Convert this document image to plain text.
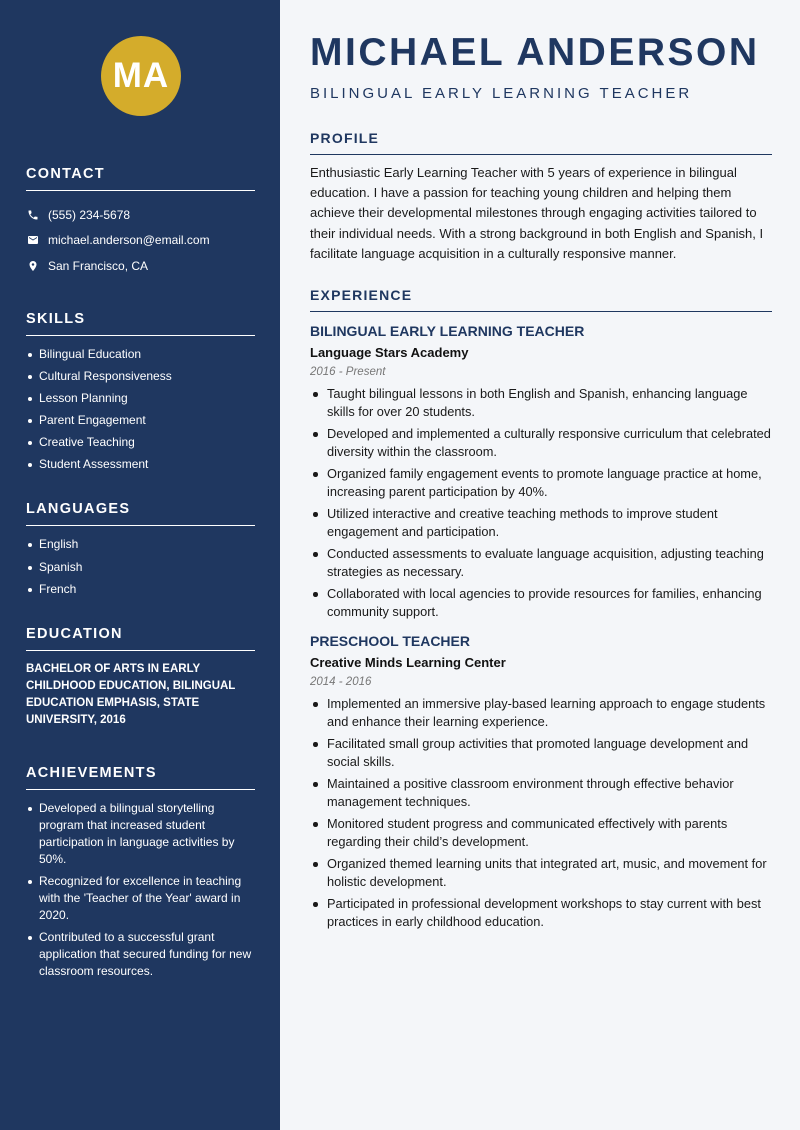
MA
CONTACT
(555) 234-5678
michael.anderson@email.com
San Francisco, CA
SKILLS
Bilingual Education
Cultural Responsiveness
Lesson Planning
Parent Engagement
Creative Teaching
Student Assessment
LANGUAGES
English
Spanish
French
EDUCATION

BACHELOR OF ARTS IN EARLY CHILDHOOD EDUCATION, BILINGUAL EDUCATION EMPHASIS, STATE UNIVERSITY, 2016

ACHIEVEMENTS
Developed a bilingual storytelling program that increased student participation in language activities by 50%.
Recognized for excellence in teaching with the 'Teacher of the Year' award in 2020.
Contributed to a successful grant application that secured funding for new classroom resources.
MICHAEL ANDERSON
BILINGUAL EARLY LEARNING TEACHER
PROFILE

Enthusiastic Early Learning Teacher with 5 years of experience in bilingual education. I have a passion for teaching young children and helping them achieve their developmental milestones through engaging activities tailored to their individual needs. With a strong background in both English and Spanish, I facilitate language acquisition in a culturally responsive manner.

EXPERIENCE
BILINGUAL EARLY LEARNING TEACHER
Language Stars Academy
2016 - Present
Taught bilingual lessons in both English and Spanish, enhancing language skills for over 20 students.
Developed and implemented a culturally responsive curriculum that celebrated diversity within the classroom.
Organized family engagement events to promote language practice at home, increasing parent participation by 40%.
Utilized interactive and creative teaching methods to improve student engagement and participation.
Conducted assessments to evaluate language acquisition, adjusting teaching strategies as necessary.
Collaborated with local agencies to provide resources for families, enhancing community support.
PRESCHOOL TEACHER
Creative Minds Learning Center
2014 - 2016
Implemented an immersive play-based learning approach to engage students and enhance their learning experience.
Facilitated small group activities that promoted language development and social skills.
Maintained a positive classroom environment through effective behavior management techniques.
Monitored student progress and communicated effectively with parents regarding their child’s development.
Organized themed learning units that integrated art, music, and movement for holistic development.
Participated in professional development workshops to stay current with best practices in early childhood education.
